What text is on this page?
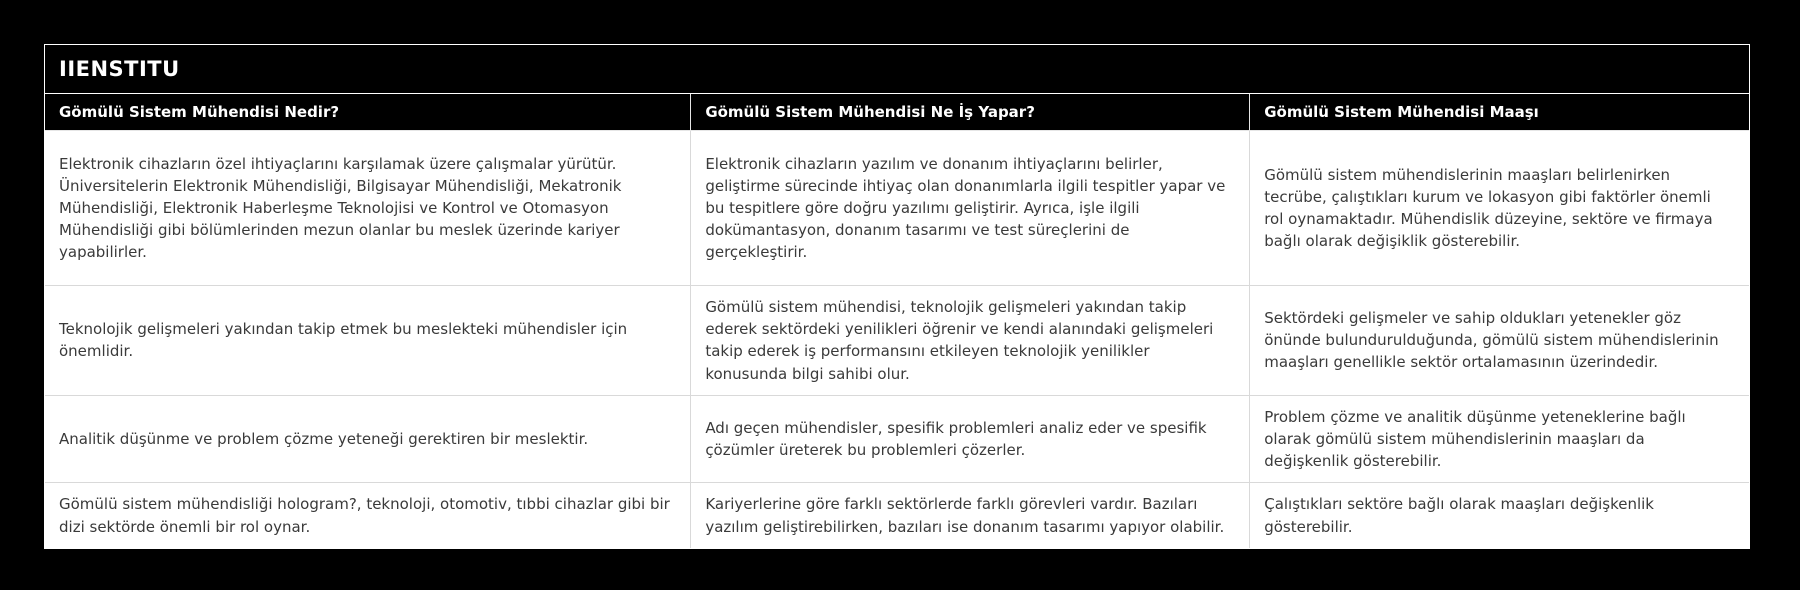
IIENSTITU
Gömülü Sistem Mühendisi Nedir?	Gömülü Sistem Mühendisi Ne İş Yapar?	Gömülü Sistem Mühendisi Maaşı
Elektronik cihazların özel ihtiyaçlarını karşılamak üzere çalışmalar yürütür. Üniversitelerin Elektronik Mühendisliği, Bilgisayar Mühendisliği, Mekatronik Mühendisliği, Elektronik Haberleşme Teknolojisi ve Kontrol ve Otomasyon Mühendisliği gibi bölümlerinden mezun olanlar bu meslek üzerinde kariyer yapabilirler.	Elektronik cihazların yazılım ve donanım ihtiyaçlarını belirler, geliştirme sürecinde ihtiyaç olan donanımlarla ilgili tespitler yapar ve bu tespitlere göre doğru yazılımı geliştirir. Ayrıca, işle ilgili dokümantasyon, donanım tasarımı ve test süreçlerini de gerçekleştirir.	Gömülü sistem mühendislerinin maaşları belirlenirken tecrübe, çalıştıkları kurum ve lokasyon gibi faktörler önemli rol oynamaktadır. Mühendislik düzeyine, sektöre ve firmaya bağlı olarak değişiklik gösterebilir.
Teknolojik gelişmeleri yakından takip etmek bu meslekteki mühendisler için önemlidir.	Gömülü sistem mühendisi, teknolojik gelişmeleri yakından takip ederek sektördeki yenilikleri öğrenir ve kendi alanındaki gelişmeleri takip ederek iş performansını etkileyen teknolojik yenilikler konusunda bilgi sahibi olur.	Sektördeki gelişmeler ve sahip oldukları yetenekler göz önünde bulundurulduğunda, gömülü sistem mühendislerinin maaşları genellikle sektör ortalamasının üzerindedir.
Analitik düşünme ve problem çözme yeteneği gerektiren bir meslektir.	Adı geçen mühendisler, spesifik problemleri analiz eder ve spesifik çözümler üreterek bu problemleri çözerler.	Problem çözme ve analitik düşünme yeteneklerine bağlı olarak gömülü sistem mühendislerinin maaşları da değişkenlik gösterebilir.
Gömülü sistem mühendisliği hologram?, teknoloji, otomotiv, tıbbi cihazlar gibi bir dizi sektörde önemli bir rol oynar.	Kariyerlerine göre farklı sektörlerde farklı görevleri vardır. Bazıları yazılım geliştirebilirken, bazıları ise donanım tasarımı yapıyor olabilir.	Çalıştıkları sektöre bağlı olarak maaşları değişkenlik gösterebilir.
